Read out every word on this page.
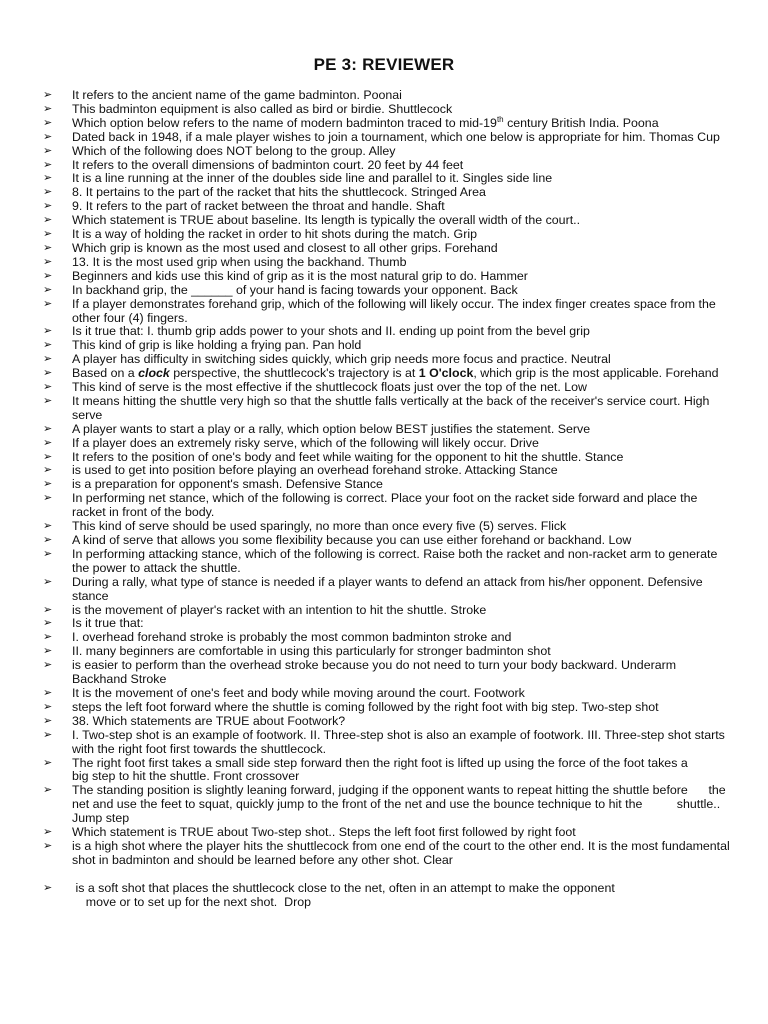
PE 3: REVIEWER
➢ It refers to the ancient name of the game badminton. Poonai
➢ This badminton equipment is also called as bird or birdie. Shuttlecock
➢ Which option below refers to the name of modern badminton traced to mid-19th century British India. Poona
➢ Dated back in 1948, if a male player wishes to join a tournament, which one below is appropriate for him. Thomas Cup
➢ Which of the following does NOT belong to the group. Alley
➢ It refers to the overall dimensions of badminton court. 20 feet by 44 feet
➢ It is a line running at the inner of the doubles side line and parallel to it. Singles side line
➢ 8. It pertains to the part of the racket that hits the shuttlecock. Stringed Area
➢ 9. It refers to the part of racket between the throat and handle. Shaft
➢ Which statement is TRUE about baseline. Its length is typically the overall width of the court..
➢ It is a way of holding the racket in order to hit shots during the match. Grip
➢ Which grip is known as the most used and closest to all other grips. Forehand
➢ 13. It is the most used grip when using the backhand. Thumb
➢ Beginners and kids use this kind of grip as it is the most natural grip to do. Hammer
➢ In backhand grip, the ______ of your hand is facing towards your opponent. Back
➢ If a player demonstrates forehand grip, which of the following will likely occur. The index finger creates space from the other four (4) fingers.
➢ Is it true that: I. thumb grip adds power to your shots and II. ending up point from the bevel grip
➢ This kind of grip is like holding a frying pan. Pan hold
➢ A player has difficulty in switching sides quickly, which grip needs more focus and practice. Neutral
➢ Based on a clock perspective, the shuttlecock's trajectory is at 1 O'clock, which grip is the most applicable. Forehand
➢ This kind of serve is the most effective if the shuttlecock floats just over the top of the net. Low
➢ It means hitting the shuttle very high so that the shuttle falls vertically at the back of the receiver's service court. High serve
➢ A player wants to start a play or a rally, which option below BEST justifies the statement. Serve
➢ If a player does an extremely risky serve, which of the following will likely occur. Drive
➢ It refers to the position of one's body and feet while waiting for the opponent to hit the shuttle. Stance
➢ is used to get into position before playing an overhead forehand stroke. Attacking Stance
➢ is a preparation for opponent's smash. Defensive Stance
➢ In performing net stance, which of the following is correct. Place your foot on the racket side forward and place the racket in front of the body.
➢ This kind of serve should be used sparingly, no more than once every five (5) serves. Flick
➢ A kind of serve that allows you some flexibility because you can use either forehand or backhand. Low
➢ In performing attacking stance, which of the following is correct. Raise both the racket and non-racket arm to generate the power to attack the shuttle.
➢ During a rally, what type of stance is needed if a player wants to defend an attack from his/her opponent. Defensive stance
➢ is the movement of player's racket with an intention to hit the shuttle. Stroke
➢ Is it true that:
➢ I. overhead forehand stroke is probably the most common badminton stroke and
➢ II. many beginners are comfortable in using this particularly for stronger badminton shot
➢ is easier to perform than the overhead stroke because you do not need to turn your body backward. Underarm Backhand Stroke
➢ It is the movement of one's feet and body while moving around the court. Footwork
➢ steps the left foot forward where the shuttle is coming followed by the right foot with big step. Two-step shot
➢ 38. Which statements are TRUE about Footwork?
➢ I. Two-step shot is an example of footwork. II. Three-step shot is also an example of footwork. III. Three-step shot starts with the right foot first towards the shuttlecock.
➢ The right foot first takes a small side step forward then the right foot is lifted up using the force of the foot takes a                big step to hit the shuttle. Front crossover
➢ The standing position is slightly leaning forward, judging if the opponent wants to repeat hitting the shuttle before      the net and use the feet to squat, quickly jump to the front of the net and use the bounce technique to hit the          shuttle.. Jump step
➢ Which statement is TRUE about Two-step shot.. Steps the left foot first followed by right foot
➢ is a high shot where the player hits the shuttlecock from one end of the court to the other end. It is the most fundamental shot in badminton and should be learned before any other shot. Clear
➢ is a soft shot that places the shuttlecock close to the net, often in an attempt to make the opponent
move or to set up for the next shot.  Drop
